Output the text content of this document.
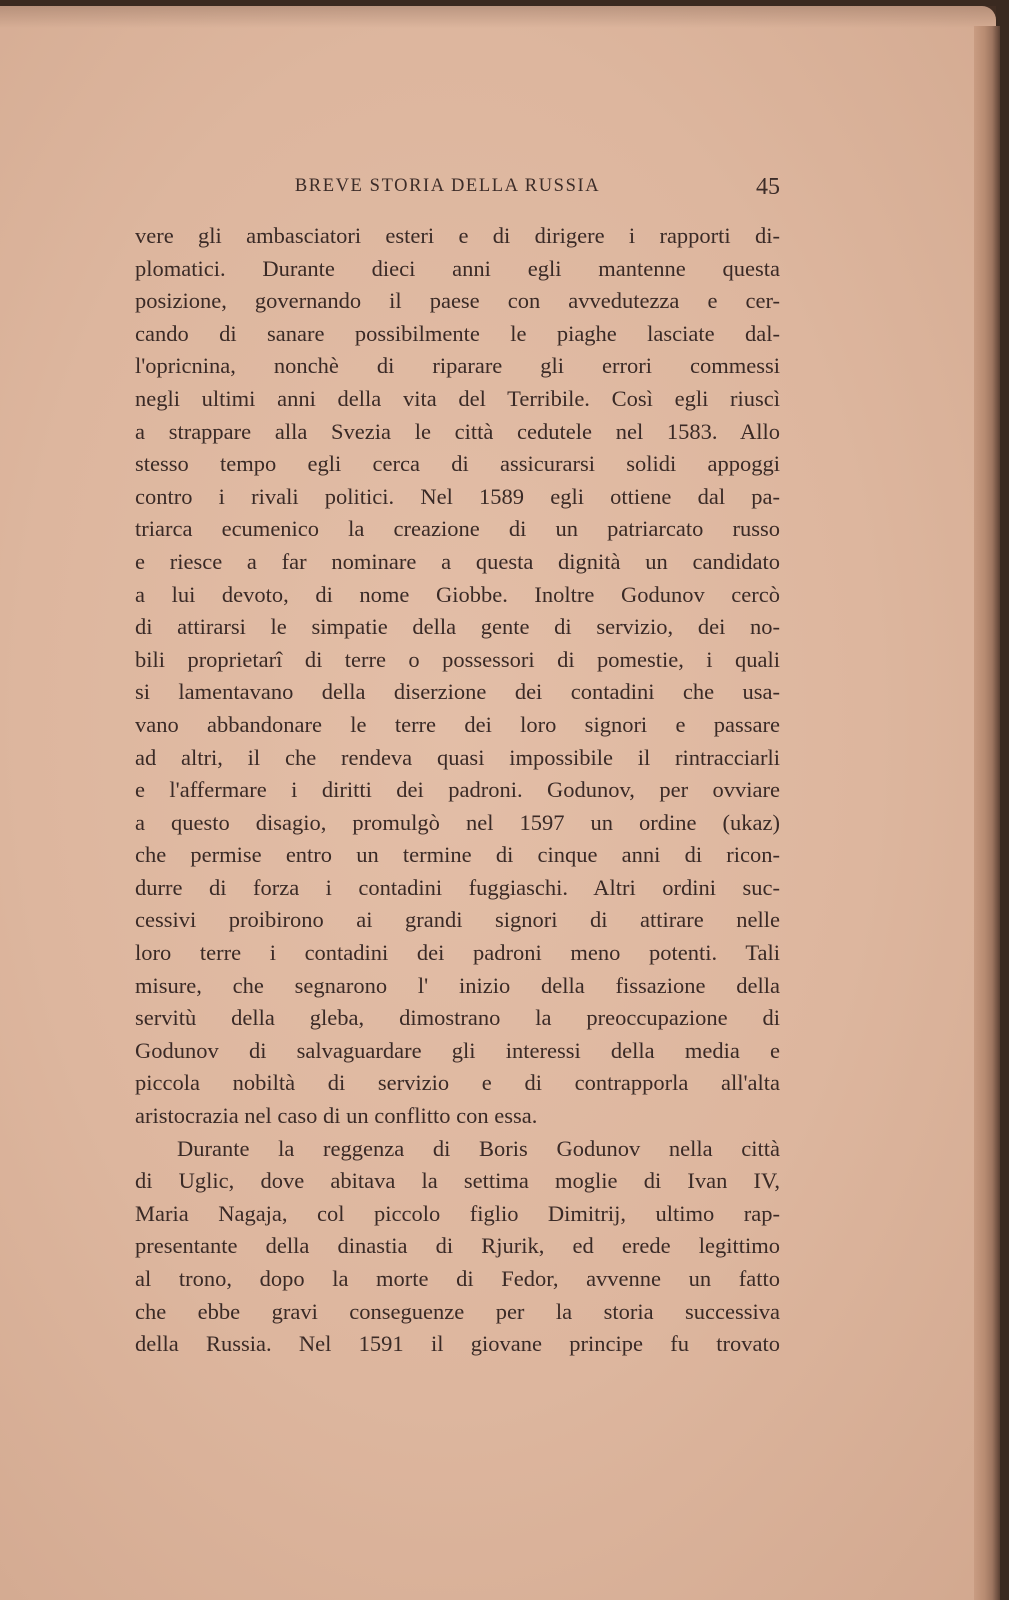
BREVE STORIA DELLA RUSSIA	45
vere gli ambasciatori esteri e di dirigere i rapporti di-
plomatici. Durante dieci anni egli mantenne questa
posizione, governando il paese con avvedutezza e cer-
cando di sanare possibilmente le piaghe lasciate dal-
l'opricnina, nonchè di riparare gli errori commessi
negli ultimi anni della vita del Terribile. Così egli riuscì
a strappare alla Svezia le città cedutele nel 1583. Allo
stesso tempo egli cerca di assicurarsi solidi appoggi
contro i rivali politici. Nel 1589 egli ottiene dal pa-
triarca ecumenico la creazione di un patriarcato russo
e riesce a far nominare a questa dignità un candidato
a lui devoto, di nome Giobbe. Inoltre Godunov cercò
di attirarsi le simpatie della gente di servizio, dei no-
bili proprietarî di terre o possessori di pomestie, i quali
si lamentavano della diserzione dei contadini che usa-
vano abbandonare le terre dei loro signori e passare
ad altri, il che rendeva quasi impossibile il rintracciarli
e l'affermare i diritti dei padroni. Godunov, per ovviare
a questo disagio, promulgò nel 1597 un ordine (ukaz)
che permise entro un termine di cinque anni di ricon-
durre di forza i contadini fuggiaschi. Altri ordini suc-
cessivi proibirono ai grandi signori di attirare nelle
loro terre i contadini dei padroni meno potenti. Tali
misure, che segnarono l' inizio della fissazione della
servitù della gleba, dimostrano la preoccupazione di
Godunov di salvaguardare gli interessi della media e
piccola nobiltà di servizio e di contrapporla all'alta
aristocrazia nel caso di un conflitto con essa.
Durante la reggenza di Boris Godunov nella città
di Uglic, dove abitava la settima moglie di Ivan IV,
Maria Nagaja, col piccolo figlio Dimitrij, ultimo rap-
presentante della dinastia di Rjurik, ed erede legittimo
al trono, dopo la morte di Fedor, avvenne un fatto
che ebbe gravi conseguenze per la storia successiva
della Russia. Nel 1591 il giovane principe fu trovato
